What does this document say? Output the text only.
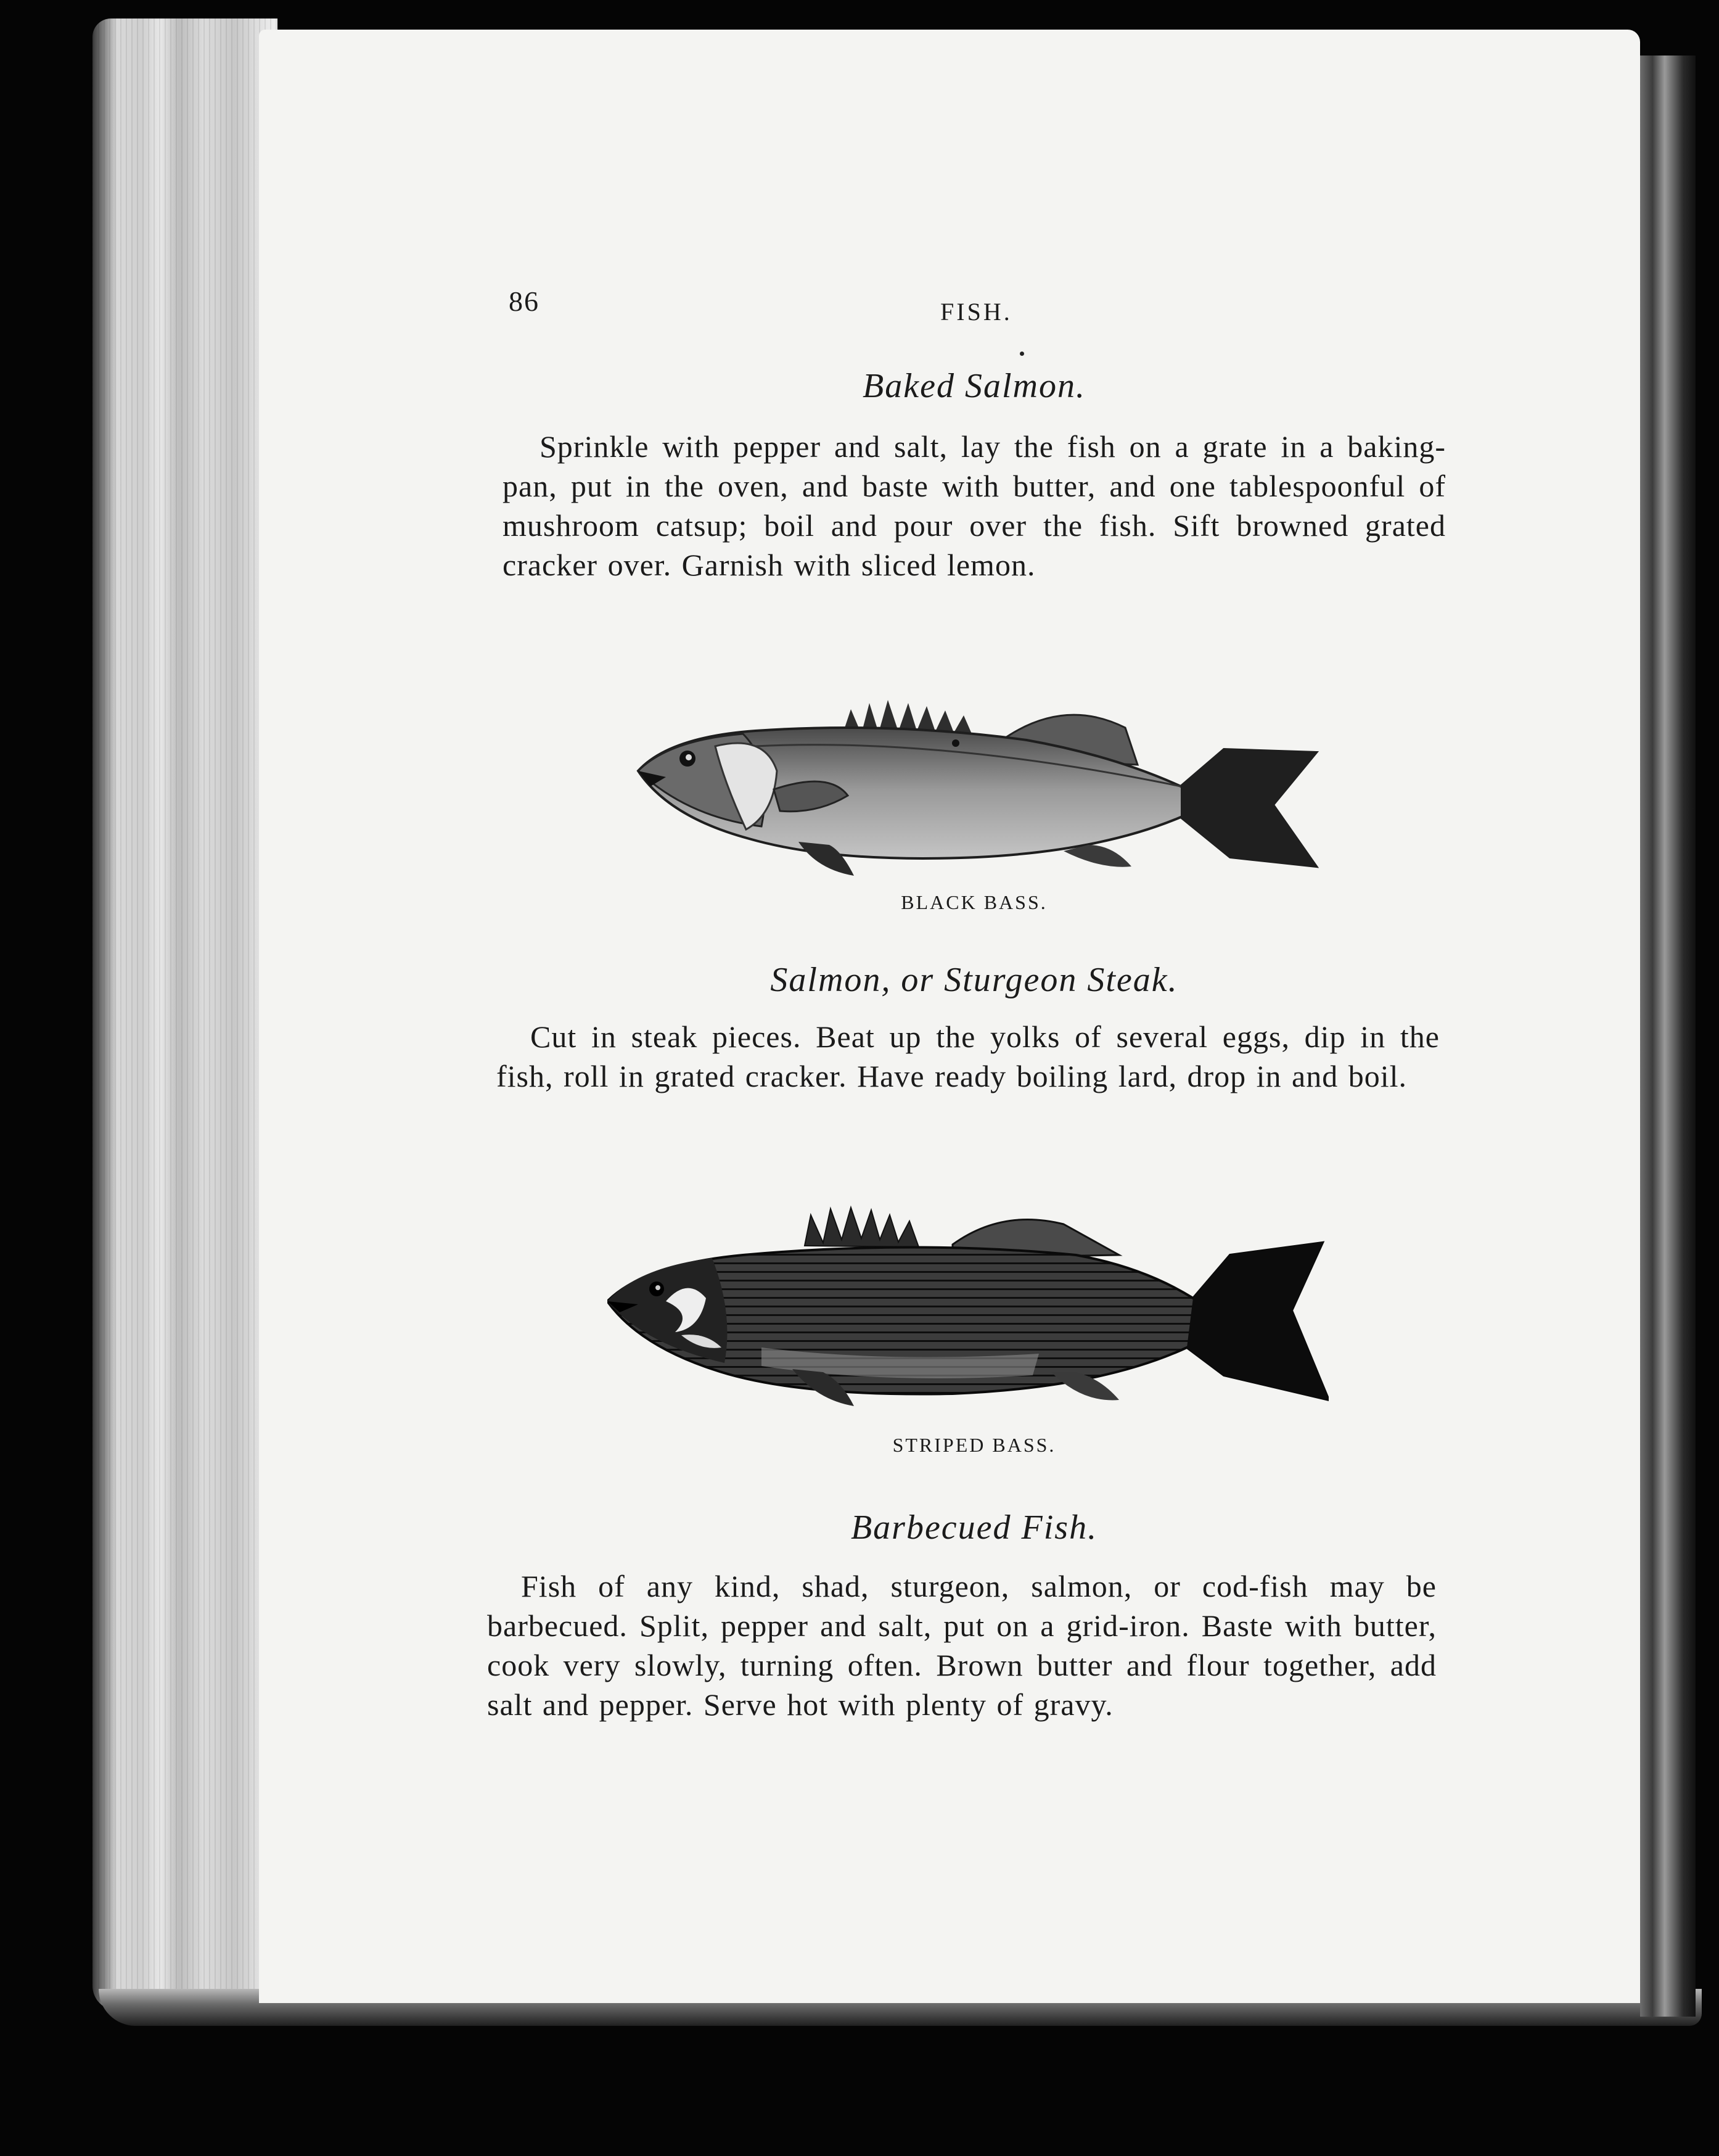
86	FISH.
Baked Salmon.
Sprinkle with pepper and salt, lay the fish on a grate in a baking-pan, put in the oven, and baste with butter, and one tablespoonful of mushroom catsup; boil and pour over the fish. Sift browned grated cracker over. Garnish with sliced lemon.
BLACK BASS.
Salmon, or Sturgeon Steak.
Cut in steak pieces. Beat up the yolks of several eggs, dip in the fish, roll in grated cracker. Have ready boiling lard, drop in and boil.
STRIPED BASS.
Barbecued Fish.
Fish of any kind, shad, sturgeon, salmon, or cod-fish may be barbecued. Split, pepper and salt, put on a grid-iron. Baste with butter, cook very slowly, turning often. Brown butter and flour together, add salt and pepper. Serve hot with plenty of gravy.
